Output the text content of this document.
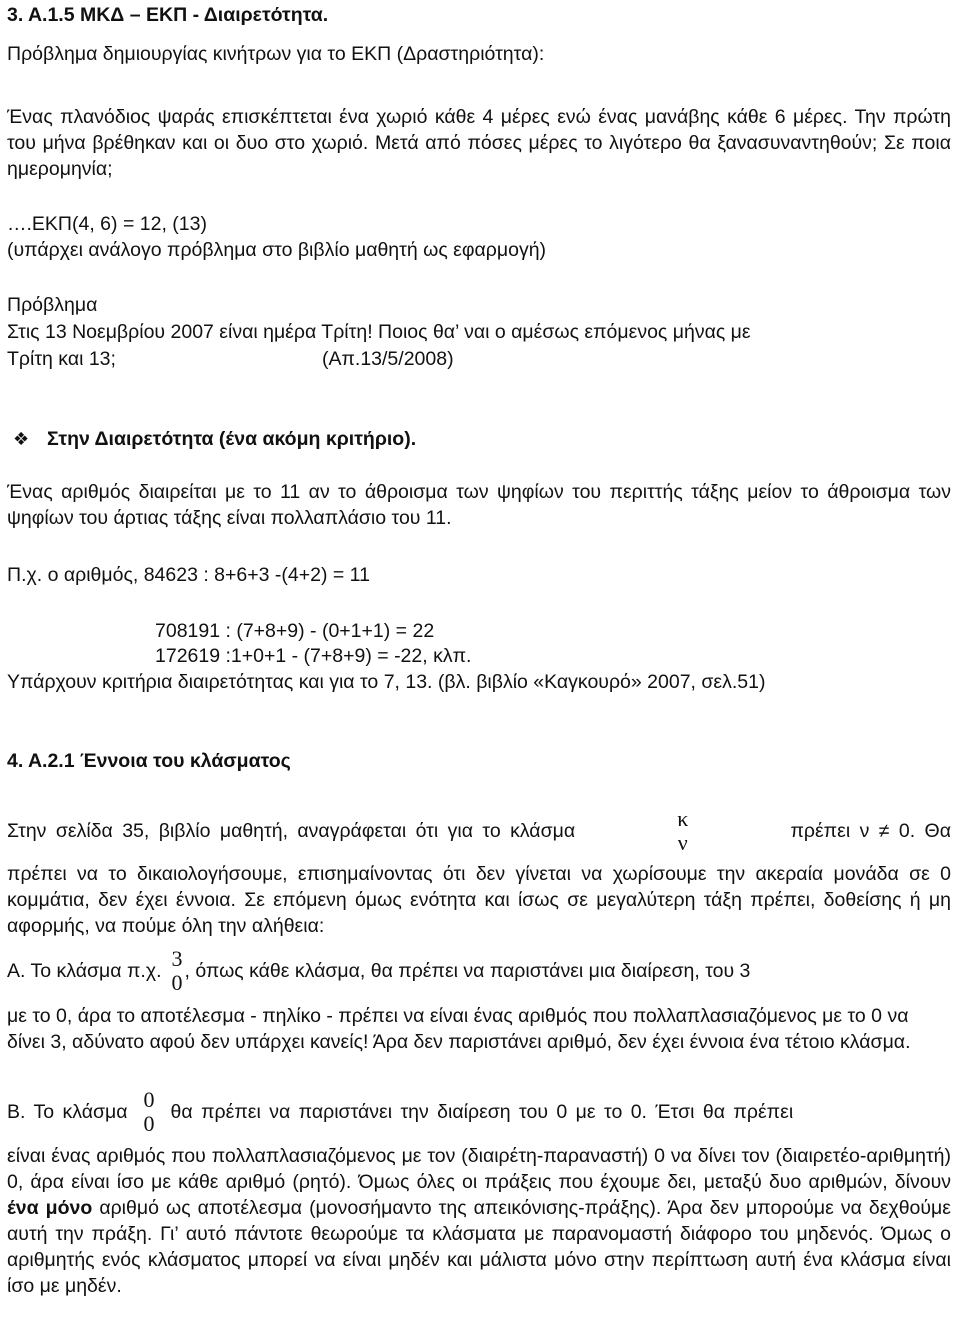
3. Α.1.5 ΜΚΔ – ΕΚΠ - Διαιρετότητα.
Πρόβλημα δημιουργίας κινήτρων για το ΕΚΠ (Δραστηριότητα):
Ένας πλανόδιος ψαράς επισκέπτεται ένα χωριό κάθε 4 μέρες ενώ ένας μανάβης κάθε 6 μέρες. Την πρώτη του μήνα βρέθηκαν και οι δυο στο χωριό. Μετά από πόσες μέρες το λιγότερο θα ξανασυναντηθούν; Σε ποια ημερομηνία;
….ΕΚΠ(4, 6) = 12, (13)
(υπάρχει ανάλογο πρόβλημα στο βιβλίο μαθητή ως εφαρμογή)
Πρόβλημα
Στις 13 Νοεμβρίου 2007 είναι ημέρα Τρίτη! Ποιος θα’ ναι ο αμέσως επόμενος μήνας με
Τρίτη και 13;	(Απ.13/5/2008)
❖ Στην Διαιρετότητα (ένα ακόμη κριτήριο).
Ένας αριθμός διαιρείται με το 11 αν το άθροισμα των ψηφίων του περιττής τάξης μείον το άθροισμα των ψηφίων του άρτιας τάξης είναι πολλαπλάσιο του 11.
Π.χ. ο αριθμός, 84623 : 8+6+3 -(4+2) = 11
708191 : (7+8+9) - (0+1+1) = 22
172619 :1+0+1 - (7+8+9) = -22, κλπ.
Υπάρχουν κριτήρια διαιρετότητας και για το 7, 13. (βλ. βιβλίο «Καγκουρό» 2007, σελ.51)
4. Α.2.1 Έννοια του κλάσματος
Στην σελίδα 35, βιβλίο μαθητή, αναγράφεται ότι για το κλάσμα	κ
ν	πρέπει ν ≠ 0. Θα
πρέπει να το δικαιολογήσουμε, επισημαίνοντας ότι δεν γίνεται να χωρίσουμε την ακεραία μονάδα σε 0 κομμάτια, δεν έχει έννοια. Σε επόμενη όμως ενότητα και ίσως σε μεγαλύτερη τάξη πρέπει, δοθείσης ή μη αφορμής, να πούμε όλη την αλήθεια:
Α. Το κλάσμα π.χ. 3
0 , όπως κάθε κλάσμα, θα πρέπει να παριστάνει μια διαίρεση, του 3
με το 0, άρα το αποτέλεσμα - πηλίκο - πρέπει να είναι ένας αριθμός που πολλαπλασιαζόμενος με το 0 να δίνει 3, αδύνατο αφού δεν υπάρχει κανείς! Άρα δεν παριστάνει αριθμό, δεν έχει έννοια ένα τέτοιο κλάσμα.
Β. Το κλάσμα 0
0 θα πρέπει να παριστάνει την διαίρεση του 0 με το 0. Έτσι θα πρέπει
είναι ένας αριθμός που πολλαπλασιαζόμενος με τον (διαιρέτη-παραναστή) 0 να δίνει τον (διαιρετέο-αριθμητή) 0, άρα είναι ίσο με κάθε αριθμό (ρητό). Όμως όλες οι πράξεις που έχουμε δει, μεταξύ δυο αριθμών, δίνουν ένα μόνο αριθμό ως αποτέλεσμα (μονοσήμαντο της απεικόνισης-πράξης). Άρα δεν μπορούμε να δεχθούμε αυτή την πράξη. Γι’ αυτό πάντοτε θεωρούμε τα κλάσματα με παρανομαστή διάφορο του μηδενός. Όμως ο αριθμητής ενός κλάσματος μπορεί να είναι μηδέν και μάλιστα μόνο στην περίπτωση αυτή ένα κλάσμα είναι ίσο με μηδέν.
